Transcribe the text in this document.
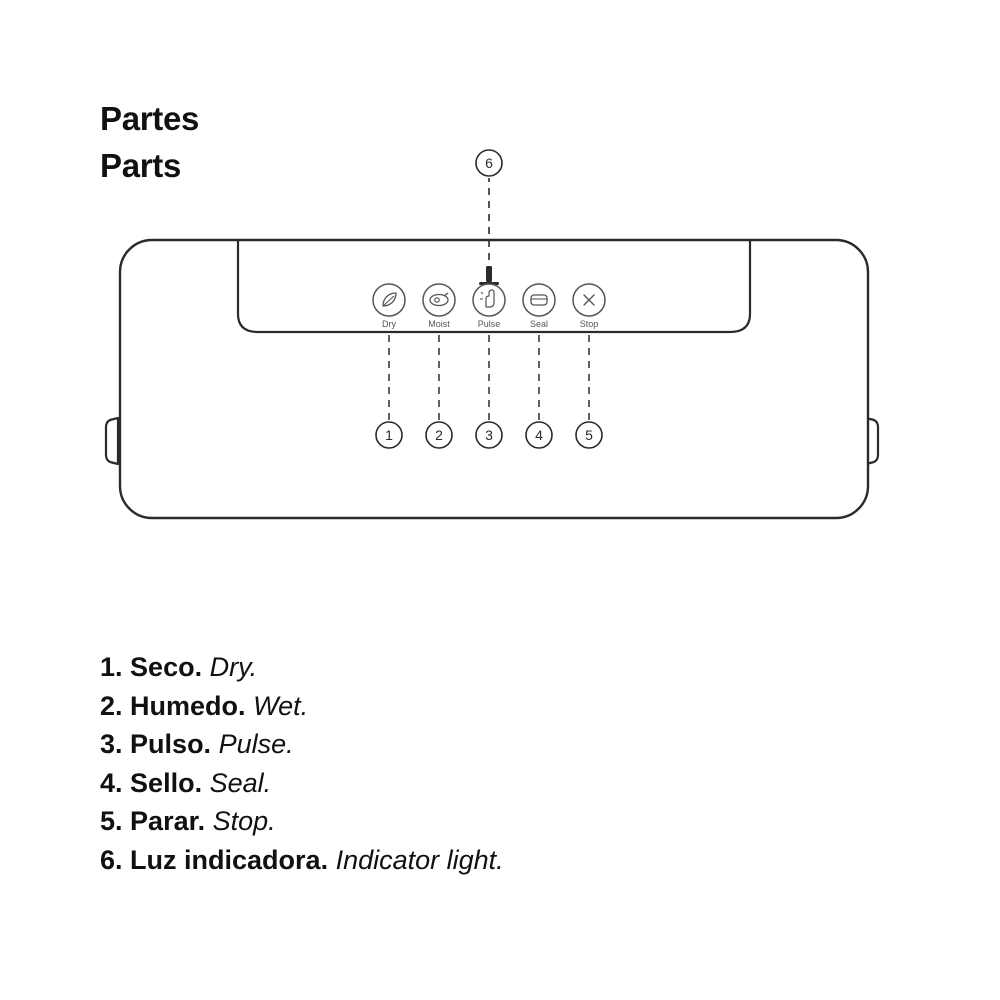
Partes
Parts	6
Dry
1
Moist
2
Pulse
3
Seal
4
Stop
5
1. Seco. Dry.
2. Humedo. Wet.
3. Pulso. Pulse.
4. Sello. Seal.
5. Parar. Stop.
6. Luz indicadora. Indicator light.
